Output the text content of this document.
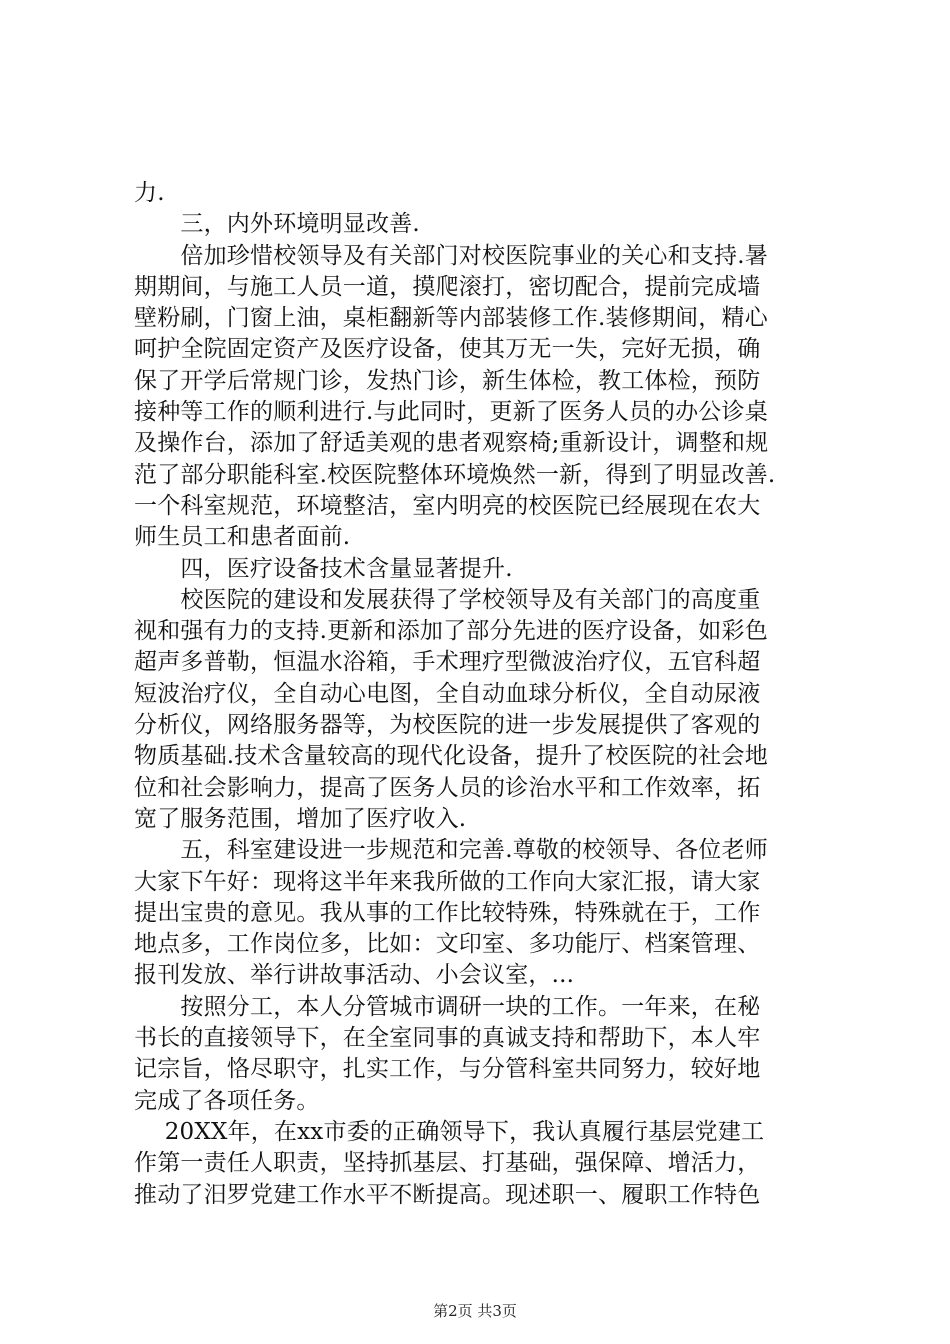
力.
　　三，内外环境明显改善.
　　倍加珍惜校领导及有关部门对校医院事业的关心和支持.暑
期期间，与施工人员一道，摸爬滚打，密切配合，提前完成墙
壁粉刷，门窗上油，桌柜翻新等内部装修工作.装修期间，精心
呵护全院固定资产及医疗设备，使其万无一失，完好无损，确
保了开学后常规门诊，发热门诊，新生体检，教工体检，预防
接种等工作的顺利进行.与此同时，更新了医务人员的办公诊桌
及操作台，添加了舒适美观的患者观察椅;重新设计，调整和规
范了部分职能科室.校医院整体环境焕然一新，得到了明显改善.
一个科室规范，环境整洁，室内明亮的校医院已经展现在农大
师生员工和患者面前.
　　四，医疗设备技术含量显著提升.
　　校医院的建设和发展获得了学校领导及有关部门的高度重
视和强有力的支持.更新和添加了部分先进的医疗设备，如彩色
超声多普勒，恒温水浴箱，手术理疗型微波治疗仪，五官科超
短波治疗仪，全自动心电图，全自动血球分析仪，全自动尿液
分析仪，网络服务器等，为校医院的进一步发展提供了客观的
物质基础.技术含量较高的现代化设备，提升了校医院的社会地
位和社会影响力，提高了医务人员的诊治水平和工作效率，拓
宽了服务范围，增加了医疗收入.
　　五，科室建设进一步规范和完善.尊敬的校领导、各位老师
大家下午好：现将这半年来我所做的工作向大家汇报，请大家
提出宝贵的意见。我从事的工作比较特殊，特殊就在于，工作
地点多，工作岗位多，比如：文印室、多功能厅、档案管理、
报刊发放、举行讲故事活动、小会议室，...
　　按照分工，本人分管城市调研一块的工作。一年来，在秘
书长的直接领导下，在全室同事的真诚支持和帮助下，本人牢
记宗旨，恪尽职守，扎实工作，与分管科室共同努力，较好地
完成了各项任务。
　 20XX年，在xx市委的正确领导下，我认真履行基层党建工
作第一责任人职责，坚持抓基层、打基础，强保障、增活力，
推动了汨罗党建工作水平不断提高。现述职一、履职工作特色
第2页 共3页
